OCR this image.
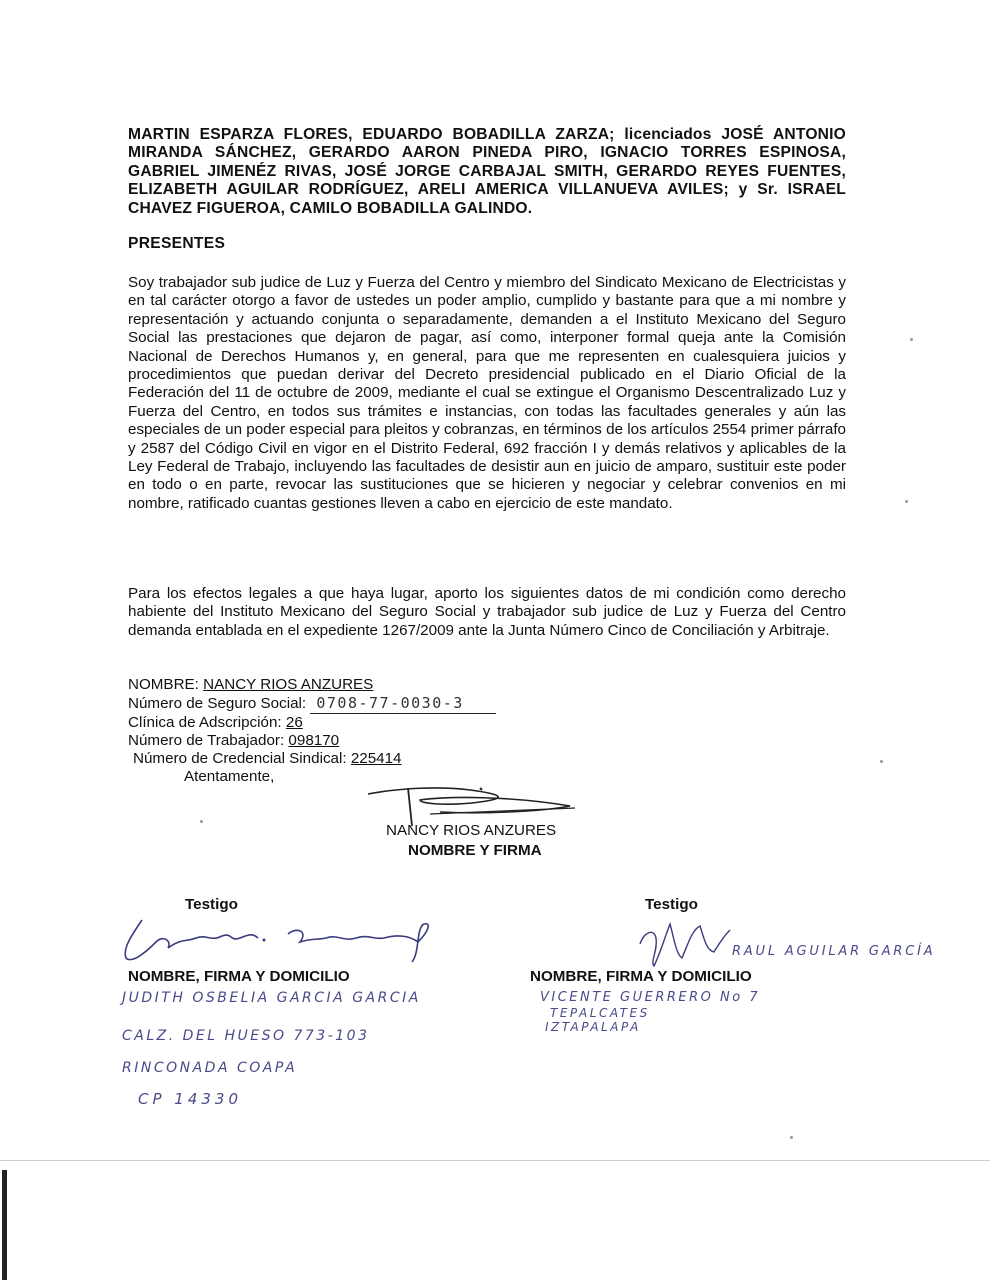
MARTIN ESPARZA FLORES, EDUARDO BOBADILLA ZARZA; licenciados JOSÉ ANTONIO MIRANDA SÁNCHEZ, GERARDO AARON PINEDA PIRO, IGNACIO TORRES ESPINOSA, GABRIEL JIMENÉZ RIVAS, JOSÉ JORGE CARBAJAL SMITH, GERARDO REYES FUENTES, ELIZABETH AGUILAR RODRÍGUEZ, ARELI AMERICA VILLANUEVA AVILES; y Sr. ISRAEL CHAVEZ FIGUEROA, CAMILO BOBADILLA GALINDO.
PRESENTES
Soy trabajador sub judice de Luz y Fuerza del Centro y miembro del Sindicato Mexicano de Electricistas y en tal carácter otorgo a favor de ustedes un poder amplio, cumplido y bastante para que a mi nombre y representación y actuando conjunta o separadamente, demanden a el Instituto Mexicano del Seguro Social las prestaciones que dejaron de pagar, así como, interponer formal queja ante la Comisión Nacional de Derechos Humanos y, en general, para que me representen en cualesquiera juicios y procedimientos que puedan derivar del Decreto presidencial publicado en el Diario Oficial de la Federación del 11 de octubre de 2009, mediante el cual se extingue el Organismo Descentralizado Luz y Fuerza del Centro, en todos sus trámites e instancias, con todas las facultades generales y aún las especiales de un poder especial para pleitos y cobranzas, en términos de los artículos 2554 primer párrafo y 2587 del Código Civil en vigor en el Distrito Federal, 692 fracción I y demás relativos y aplicables de la Ley Federal de Trabajo, incluyendo las facultades de desistir aun en juicio de amparo, sustituir este poder en todo o en parte, revocar las sustituciones que se hicieren y negociar y celebrar convenios en mi nombre, ratificado cuantas gestiones lleven a cabo en ejercicio de este mandato.
Para los efectos legales a que haya lugar, aporto los siguientes datos de mi condición como derecho habiente del Instituto Mexicano del Seguro Social y trabajador sub judice de Luz y Fuerza del Centro demanda entablada en el expediente 1267/2009 ante la Junta Número Cinco de Conciliación y Arbitraje.
NOMBRE: NANCY RIOS ANZURES
Número de Seguro Social: 0708-77-0030-3
Clínica de Adscripción: 26
Número de Trabajador: 098170
Número de Credencial Sindical: 225414
Atentamente,
NANCY RIOS ANZURES
NOMBRE Y FIRMA
Testigo	Testigo
RAUL AGUILAR GARCÍA
NOMBRE, FIRMA Y DOMICILIO	NOMBRE, FIRMA Y DOMICILIO
JUDITH OSBELIA GARCIA GARCIA
CALZ. DEL HUESO 773-103
RINCONADA COAPA
CP 14330
VICENTE GUERRERO No 7
TEPALCATES
IZTAPALAPA
